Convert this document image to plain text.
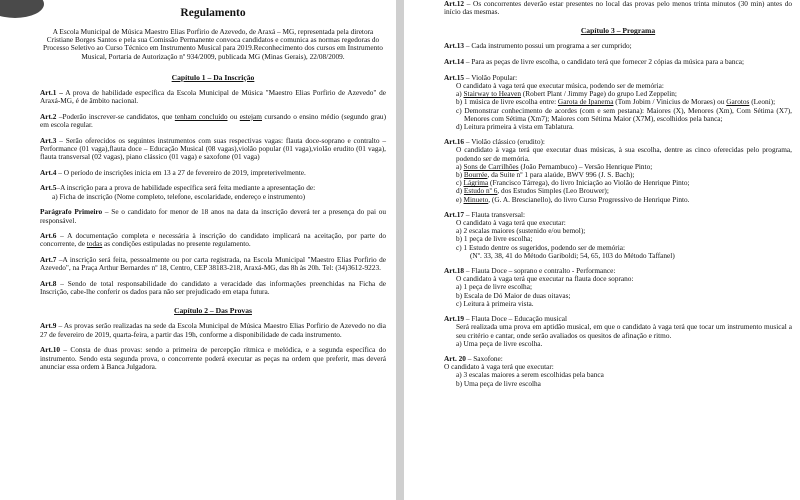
Regulamento

A Escola Municipal de Música Maestro Elias Porfirio de Azevedo, de Araxá – MG, representada pela diretora Cristiane Borges Santos e pela sua Comissão Permanente convoca candidatos e comunica as normas regedoras do Processo Seletivo ao Curso Técnico em Instrumento Musical para 2019.Reconhecimento dos cursos em Instrumento Musical, Portaria de Autorização nº 934/2009, publicada MG (Minas Gerais), 22/08/2009.

Capítulo 1 – Da Inscrição

Art.1 – A prova de habilidade específica da Escola Municipal de Música "Maestro Elias Porfirio de Azevedo" de Araxá-MG, é de âmbito nacional.

Art.2 –Poderão inscrever-se candidatos, que tenham concluído ou estejam cursando o ensino médio (segundo grau) em escola regular.

Art.3 – Serão oferecidos os seguintes instrumentos com suas respectivas vagas: flauta doce-soprano e contralto – Performance (01 vaga),flauta doce – Educação Musical (08 vagas),violão popular (01 vaga),violão erudito (01 vaga), flauta transversal (02 vagas), piano clássico (01 vaga) e saxofone (01 vaga)

Art.4 – O período de inscrições inicia em 13 a 27 de fevereiro de 2019, impreterivelmente.

Art.5–A inscrição para a prova de habilidade específica será feita mediante a apresentação de:

a) Ficha de inscrição (Nome completo, telefone, escolaridade, endereço e instrumento)

Parágrafo Primeiro – Se o candidato for menor de 18 anos na data da inscrição deverá ter a presença do pai ou responsável.

Art.6 – A documentação completa e necessária à inscrição do candidato implicará na aceitação, por parte do concorrente, de todas as condições estipuladas no presente regulamento.

Art.7 –A inscrição será feita, pessoalmente ou por carta registrada, na Escola Municipal "Maestro Elias Porfirio de Azevedo", na Praça Arthur Bernardes nº 18, Centro, CEP 38183-218, Araxá-MG, das 8h às 20h. Tel: (34)3612-9223.

Art.8 – Sendo de total responsabilidade do candidato a veracidade das informações preenchidas na Ficha de Inscrição, cabe-lhe conferir os dados para não ser prejudicado em etapa futura.

Capítulo 2 – Das Provas

Art.9 – As provas serão realizadas na sede da Escola Municipal de Música Maestro Elias Porfirio de Azevedo no dia 27 de fevereiro de 2019, quarta-feira, a partir das 19h, conforme a disponibilidade de cada instrumento.

Art.10 – Consta de duas provas: sendo a primeira de percepção rítmica e melódica, e a segunda específica do instrumento. Sendo esta segunda prova, o concorrente poderá executar as peças na ordem que preferir, mas deverá anunciar essa ordem à Banca Julgadora.

Art.12 – Os concorrentes deverão estar presentes no local das provas pelo menos trinta minutos (30 min) antes do início das mesmas.

Capítulo 3 – Programa

Art.13 – Cada instrumento possui um programa a ser cumprido;

Art.14 – Para as peças de livre escolha, o candidato terá que fornecer 2 cópias da música para a banca;

Art.15 – Violão Popular:

O candidato à vaga terá que executar música, podendo ser de memória:

a) Stairway to Heaven (Robert Plant / Jimmy Page) do grupo Led Zeppelin;

b) 1 música de livre escolha entre: Garota de Ipanema (Tom Jobim / Vinicius de Moraes) ou Garotos (Leoni);

c) Demonstrar conhecimento de acordes (com e sem pestana): Maiores (X), Menores (Xm), Com Sétima (X7), Menores com Sétima (Xm7); Maiores com Sétima Maior (X7M), escolhidos pela banca;

d) Leitura primeira à vista em Tablatura.

Art.16 – Violão clássico (erudito):

O candidato à vaga terá que executar duas músicas, à sua escolha, dentre as cinco oferecidas pelo programa, podendo ser de memória.

a) Sons de Carrilhões (João Pernambuco) – Versão Henrique Pinto;

b) Bourrée, da Suite nº 1 para alaúde, BWV 996 (J. S. Bach);

c) Lágrima (Francisco Tárrega), do livro Iniciação ao Violão de Henrique Pinto;

d) Estudo nº 6, dos Estudos Simples (Leo Brouwer);

e) Minueto, (G. A. Brescianello), do livro Curso Progressivo de Henrique Pinto.

Art.17 – Flauta transversal:

O candidato à vaga terá que executar:

a) 2 escalas maiores (sustenido e/ou bemol);

b) 1 peça de livre escolha;

c) 1 Estudo dentre os sugeridos, podendo ser de memória:

(Nº. 33, 38, 41 do Método Gariboldi; 54, 65, 103 do Método Taffanel)

Art.18 – Flauta Doce – soprano e contralto - Performance:

O candidato à vaga terá que executar na flauta doce soprano:

a) 1 peça de livre escolha;

b) Escala de Dó Maior de duas oitavas;

c) Leitura à primeira vista.

Art.19 – Flauta Doce – Educação musical

Será realizada uma prova em aptidão musical, em que o candidato à vaga terá que tocar um instrumento musical a seu critério e cantar, onde serão avaliados os quesitos de afinação e ritmo.

a) Uma peça de livre escolha.

Art. 20 – Saxofone:

O candidato à vaga terá que executar:

a) 3 escalas maiores a serem escolhidas pela banca

b) Uma peça de livre escolha
